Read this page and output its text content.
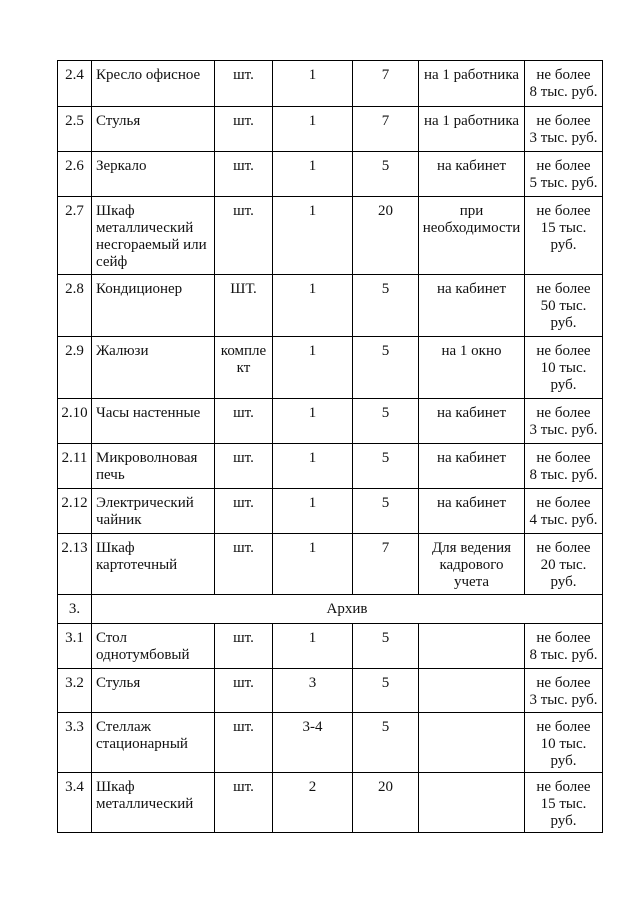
2.4	Кресло офисное	шт.	1	7	на 1 работника	не более
8 тыс. руб.

2.5	Стулья	шт.	1	7	на 1 работника	не более
3 тыс. руб.

2.6	Зеркало	шт.	1	5	на кабинет	не более
5 тыс. руб.

2.7	Шкаф металлический несгораемый или сейф	шт.	1	20	при необходимости	не более
15 тыс. руб.

2.8	Кондиционер	ШТ.	1	5	на кабинет	не более
50 тыс. руб.

2.9	Жалюзи	комплект	1	5	на 1 окно	не более
10 тыс. руб.

2.10	Часы настенные	шт.	1	5	на кабинет	не более
3 тыс. руб.

2.11	Микроволновая печь	шт.	1	5	на кабинет	не более
8 тыс. руб.

2.12	Электрический чайник	шт.	1	5	на кабинет	не более
4 тыс. руб.

2.13	Шкаф картотечный	шт.	1	7	Для ведения кадрового учета	не более
20 тыс. руб.

3.	Архив					
3.1	Стол однотумбовый	шт.	1	5		не более
8 тыс. руб.

3.2	Стулья	шт.	3	5		не более
3 тыс. руб.

3.3	Стеллаж стационарный	шт.	3-4	5		не более
10 тыс. руб.

3.4	Шкаф металлический	шт.	2	20		не более
15 тыс. руб.
